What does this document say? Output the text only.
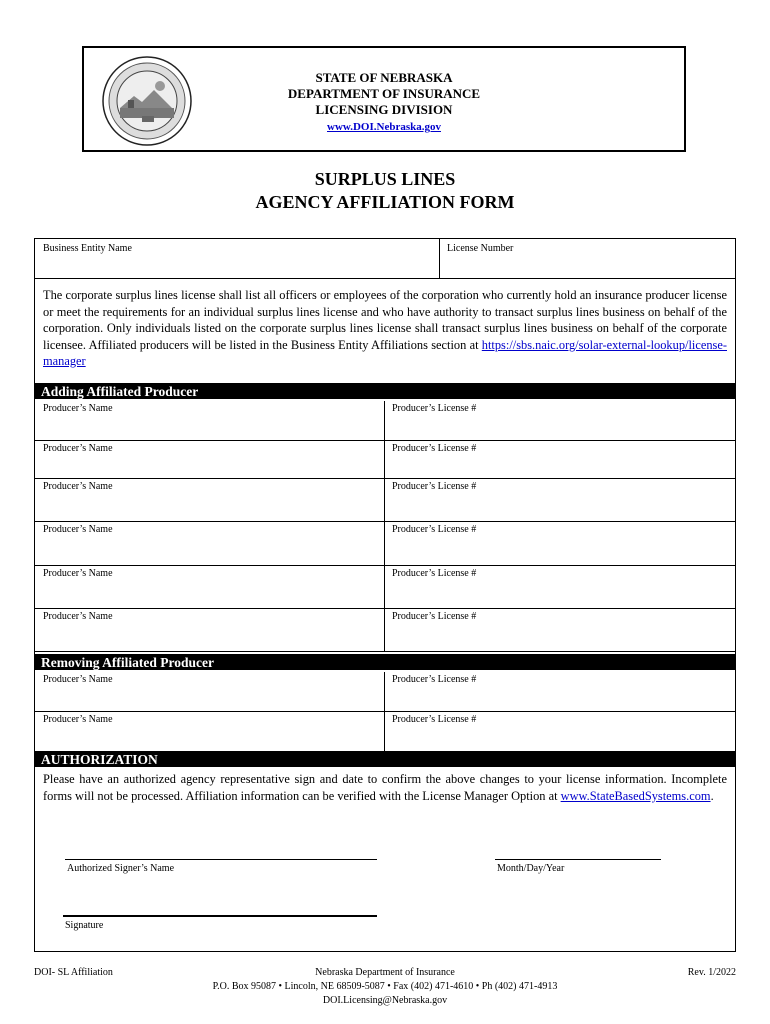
STATE OF NEBRASKA
DEPARTMENT OF INSURANCE
LICENSING DIVISION
www.DOI.Nebraska.gov
SURPLUS LINES
AGENCY AFFILIATION FORM
Business Entity Name	License Number
The corporate surplus lines license shall list all officers or employees of the corporation who currently hold an insurance producer license or meet the requirements for an individual surplus lines license and who have authority to transact surplus lines business on behalf of the corporation. Only individuals listed on the corporate surplus lines license shall transact surplus lines business on behalf of the corporate licensee. Affiliated producers will be listed in the Business Entity Affiliations section at https://sbs.naic.org/solar-external-lookup/license-manager
Adding Affiliated Producer
Producer’s Name	Producer’s License #
Producer’s Name	Producer’s License #
Producer’s Name	Producer’s License #
Producer’s Name	Producer’s License #
Producer’s Name	Producer’s License #
Producer’s Name	Producer’s License #
Removing Affiliated Producer
Producer’s Name	Producer’s License #
Producer’s Name	Producer’s License #
AUTHORIZATION
Please have an authorized agency representative sign and date to confirm the above changes to your license information. Incomplete forms will not be processed. Affiliation information can be verified with the License Manager Option at www.StateBasedSystems.com.
Authorized Signer’s Name	Month/Day/Year
Signature
DOI- SL Affiliation	Nebraska Department of Insurance
P.O. Box 95087 • Lincoln, NE 68509-5087 • Fax (402) 471-4610 • Ph (402) 471-4913
DOI.Licensing@Nebraska.gov
Rev. 1/2022
